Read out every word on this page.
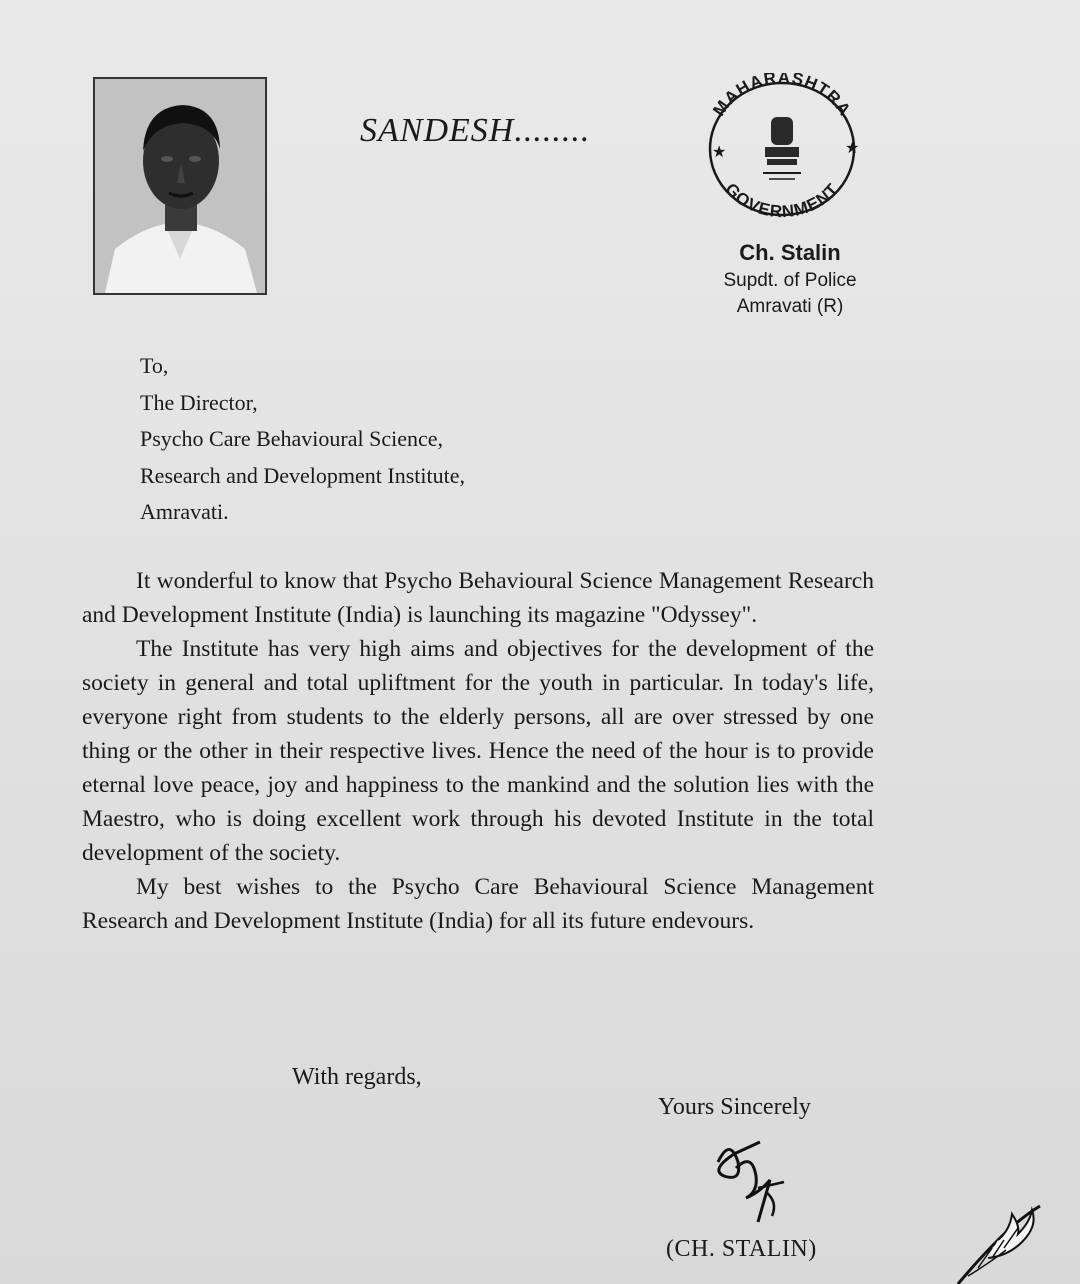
SANDESH........
MAHARASHTRA
GOVERNMENT
★	★
Ch. Stalin
Supdt. of Police
Amravati (R)
To,
The Director,
Psycho Care Behavioural Science,
Research and Development Institute,
Amravati.

It wonderful to know that Psycho Behavioural Science Management Research and Development Institute (India) is launching its magazine "Odyssey".

The Institute has very high aims and objectives for the development of the society in general and total upliftment for the youth in particular. In today's life, everyone right from students to the elderly persons, all are over stressed by one thing or the other in their respective lives. Hence the need of the hour is to provide eternal love peace, joy and happiness to the mankind and the solution lies with the Maestro, who is doing excellent work through his devoted Institute in the total development of the society.

My best wishes to the Psycho Care Behavioural Science Management Research and Development Institute (India) for all its future endevours.

With regards,
Yours Sincerely
(CH. STALIN)
